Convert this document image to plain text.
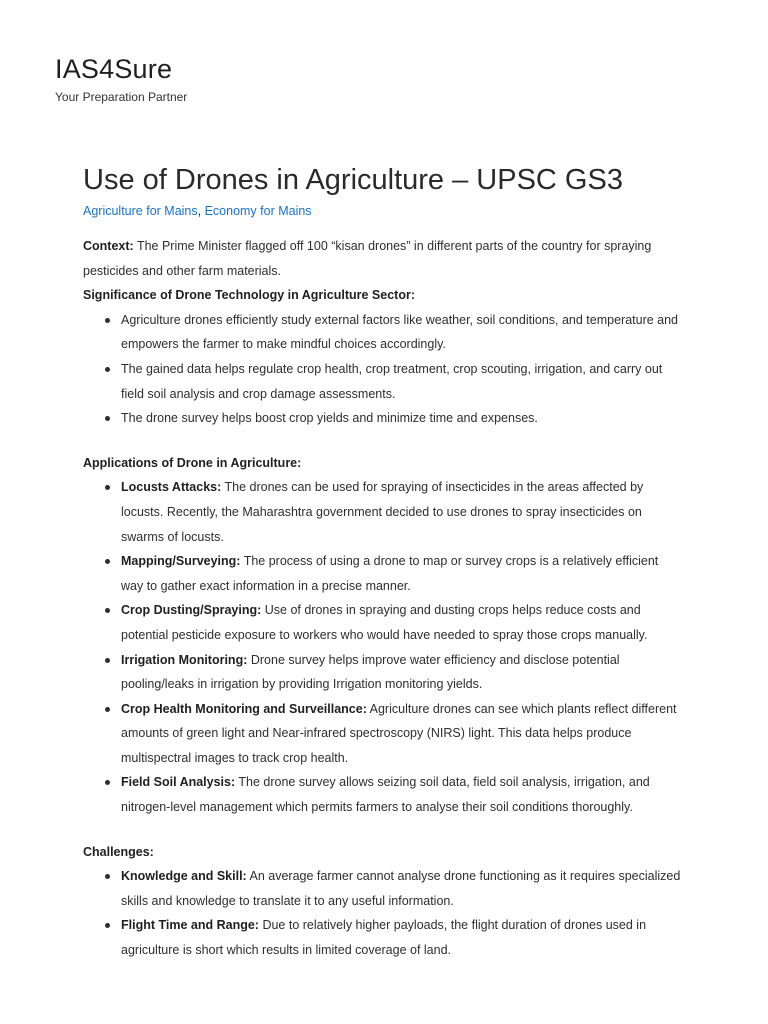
IAS4Sure

Your Preparation Partner

Use of Drones in Agriculture – UPSC GS3
Agriculture for Mains, Economy for Mains

Context: The Prime Minister flagged off 100 “kisan drones” in different parts of the country for spraying pesticides and other farm materials.

Significance of Drone Technology in Agriculture Sector:

Agriculture drones efficiently study external factors like weather, soil conditions, and temperature and empowers the farmer to make mindful choices accordingly.
The gained data helps regulate crop health, crop treatment, crop scouting, irrigation, and carry out field soil analysis and crop damage assessments.
The drone survey helps boost crop yields and minimize time and expenses.

Applications of Drone in Agriculture:

Locusts Attacks: The drones can be used for spraying of insecticides in the areas affected by locusts. Recently, the Maharashtra government decided to use drones to spray insecticides on swarms of locusts.
Mapping/Surveying: The process of using a drone to map or survey crops is a relatively efficient way to gather exact information in a precise manner.
Crop Dusting/Spraying: Use of drones in spraying and dusting crops helps reduce costs and potential pesticide exposure to workers who would have needed to spray those crops manually.
Irrigation Monitoring: Drone survey helps improve water efficiency and disclose potential pooling/leaks in irrigation by providing Irrigation monitoring yields.
Crop Health Monitoring and Surveillance: Agriculture drones can see which plants reflect different amounts of green light and Near-infrared spectroscopy (NIRS) light. This data helps produce multispectral images to track crop health.
Field Soil Analysis: The drone survey allows seizing soil data, field soil analysis, irrigation, and nitrogen-level management which permits farmers to analyse their soil conditions thoroughly.

Challenges:

Knowledge and Skill: An average farmer cannot analyse drone functioning as it requires specialized skills and knowledge to translate it to any useful information.
Flight Time and Range: Due to relatively higher payloads, the flight duration of drones used in agriculture is short which results in limited coverage of land.
